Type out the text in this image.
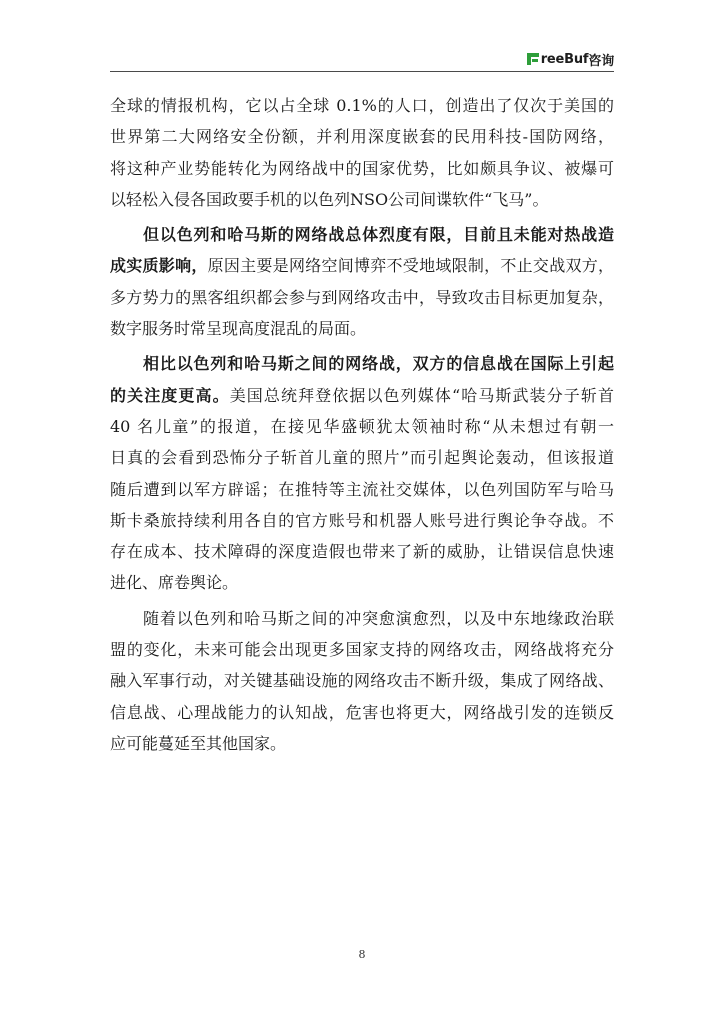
reeBuf 咨询
全球的情报机构，它以占全球 0.1%的人口，创造出了仅次于美国的
世界第二大网络安全份额，并利用深度嵌套的民用科技-国防网络，
将这种产业势能转化为网络战中的国家优势，比如颇具争议、被爆可
以轻松入侵各国政要手机的以色列NSO公司间谍软件“飞马”。
但以色列和哈马斯的网络战总体烈度有限，目前且未能对热战造
成实质影响，原因主要是网络空间博弈不受地域限制，不止交战双方，
多方势力的黑客组织都会参与到网络攻击中，导致攻击目标更加复杂，
数字服务时常呈现高度混乱的局面。
相比以色列和哈马斯之间的网络战，双方的信息战在国际上引起
的关注度更高。美国总统拜登依据以色列媒体“哈马斯武装分子斩首
40 名儿童”的报道，在接见华盛顿犹太领袖时称“从未想过有朝一
日真的会看到恐怖分子斩首儿童的照片”而引起舆论轰动，但该报道
随后遭到以军方辟谣；在推特等主流社交媒体，以色列国防军与哈马
斯卡桑旅持续利用各自的官方账号和机器人账号进行舆论争夺战。不
存在成本、技术障碍的深度造假也带来了新的威胁，让错误信息快速
进化、席卷舆论。
随着以色列和哈马斯之间的冲突愈演愈烈，以及中东地缘政治联
盟的变化，未来可能会出现更多国家支持的网络攻击，网络战将充分
融入军事行动，对关键基础设施的网络攻击不断升级，集成了网络战、
信息战、心理战能力的认知战，危害也将更大，网络战引发的连锁反
应可能蔓延至其他国家。
8
